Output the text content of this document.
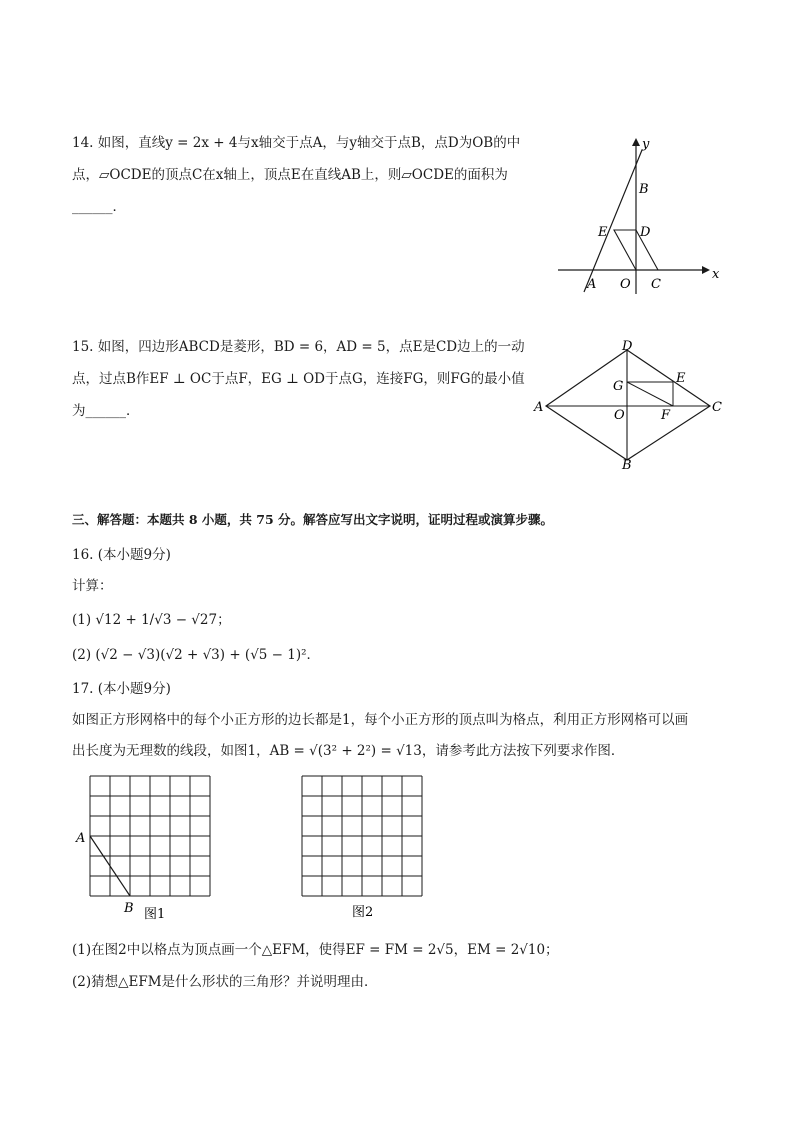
14. 如图，直线y = 2x + 4与x轴交于点A，与y轴交于点B，点D为OB的中
点，▱OCDE的顶点C在x轴上，顶点E在直线AB上，则▱OCDE的面积为
______．
y
x
B
E	D
A O C
15. 如图，四边形ABCD是菱形，BD = 6，AD = 5，点E是CD边上的一动
点，过点B作EF ⊥ OC于点F，EG ⊥ OD于点G，连接FG，则FG的最小值
为______．
D
G
E
A
O	F
C
B
三、解答题：本题共 8 小题，共 75 分。解答应写出文字说明，证明过程或演算步骤。
16. (本小题9分)
计算：
(1) √12 + 1/√3 − √27；
(2) (√2 − √3)(√2 + √3) + (√5 − 1)²．
17. (本小题9分)
如图正方形网格中的每个小正方形的边长都是1，每个小正方形的顶点叫为格点，利用正方形网格可以画
出长度为无理数的线段，如图1，AB = √(3² + 2²) = √13，请参考此方法按下列要求作图．
A
B 图1	图2
(1)在图2中以格点为顶点画一个△EFM，使得EF = FM = 2√5，EM = 2√10；
(2)猜想△EFM是什么形状的三角形？并说明理由．
